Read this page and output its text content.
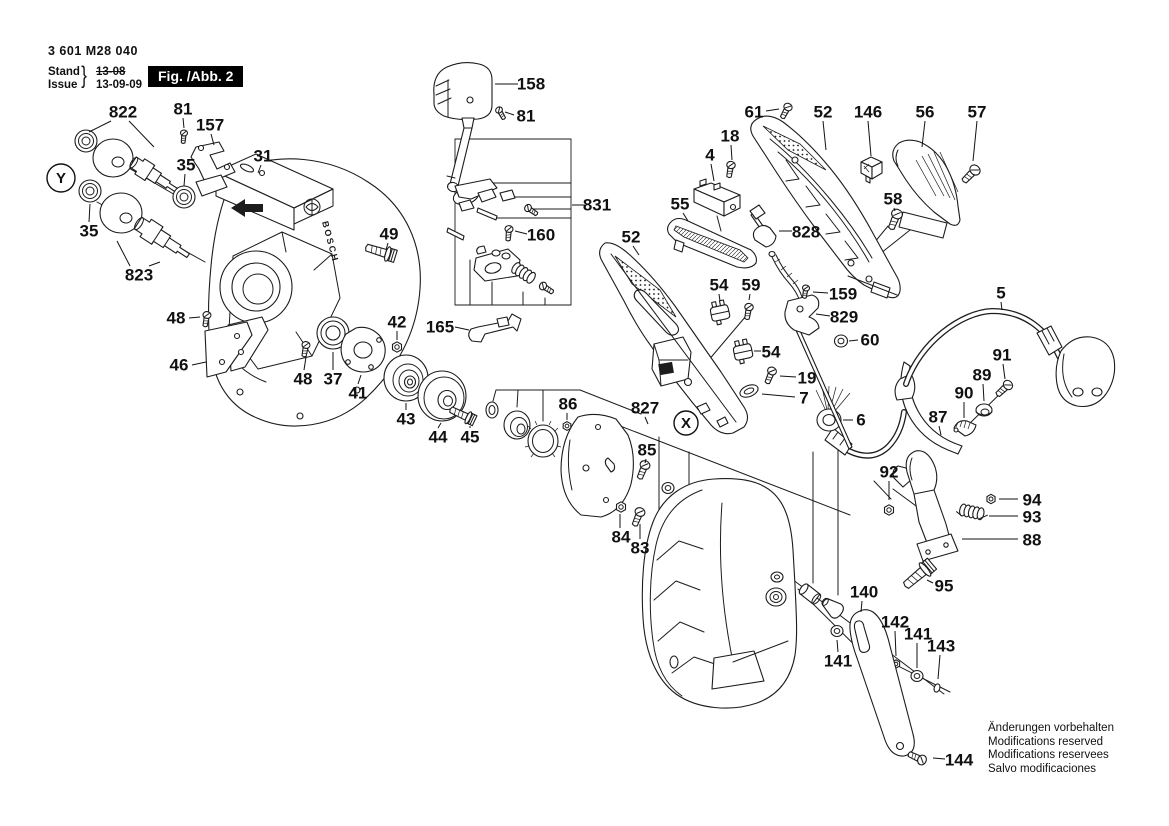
3 601 M28 040
Stand
Issue } 13-08
13-09-09
Fig. /Abb. 2
Änderungen vorbehalten
Modifications reserved
Modifications reservees
Salvo modificaciones
BOSCH
822 81
157
31
35
35
823
49
48
46
48 37
41
42
43
44 45
165
158
81
831
160
86	827
85
84
83
52
55
54 59
54
19
7
6
828
829
60
159
18
4
61	52 146 56 57
58
5
91
89
90
87
92
94
93
88
95
140
142
141
143
141
144
Y
X
